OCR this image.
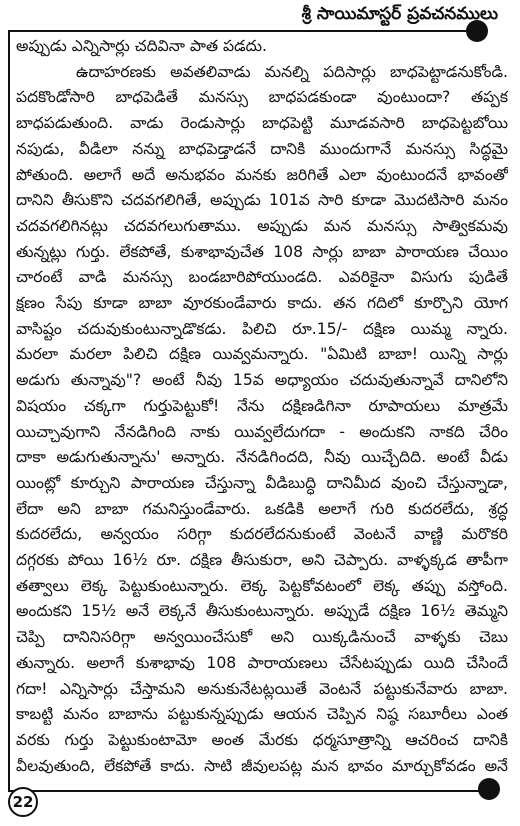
శ్రీ సాయిమాస్టర్ ప్రవచనములు
అప్పుడు ఎన్నిసార్లు చదివినా పాత పడదు.
ఉదాహరణకు అవతలివాడు మనల్ని పదిసార్లు బాధపెట్టాడనుకోండి.
పదకొండోసారి బాధపెడితే మనస్సు బాధపడకుండా వుంటుందా? తప్పక
బాధపడుతుంది. వాడు రెండుసార్లు బాధపెట్టి మూడవసారి బాధపెట్టబోయి
నపుడు, వీడిలా నన్ను బాధపెడ్తాడనే దానికి ముందుగానే మనస్సు సిద్ధమై
పోతుంది. అలాగే అదే అనుభవం మనకు జరిగితే ఎలా వుంటుందనే భావంతో
దానిని తీసుకొని చదవగలిగితే, అప్పుడు 101వ సారి కూడా మొదటిసారి మనం
చదవగలిగినట్లు చదవగలుగుతాము. అప్పుడు మన మనస్సు సాత్వికమవు
తున్నట్లు గుర్తు. లేకపోతే, కుశాభావుచేత 108 సార్లు బాబా పారాయణ చేయిం
చారంటే వాడి మనస్సు బండబారిపోయుండది. ఎవరికైనా విసుగు పుడితే
క్షణం సేపు కూడా బాబా వూరకుండేవారు కాదు. తన గదిలో కూర్చొని యోగ
వాసిష్టం చదువుకుంటున్నాడొకడు. పిలిచి రూ.15/- దక్షిణ యిమ్మ న్నారు.
మరలా మరలా పిలిచి దక్షిణ యివ్వమన్నారు. "ఏమిటి బాబా! యిన్ని సార్లు
అడుగు తున్నావు"? అంటే నీవు 15వ అధ్యాయం చదువుతున్నావే దానిలోని
విషయం చక్కగా గుర్తుపెట్టుకో! నేను దక్షిణడిగినా రూపాయలు మాత్రమే
యిచ్చావుగాని నేనడిగింది నాకు యివ్వలేదుగదా - అందుకని నాకది చేరిం
దాకా అడుగుతున్నాను' అన్నారు. నేనడిగిందది, నీవు యిచ్చేదిది. అంటే వీడు
యింట్లో కూర్చుని పారాయణ చేస్తున్నా వీడిబుద్ధి దానిమీద వుంచి చేస్తున్నాడా,
లేదా అని బాబా గమనిస్తుండేవారు. ఒకడికి అలాగే గురి కుదరలేదు, శ్రద్ధ
కుదరలేదు, అన్వయం సరిగ్గా కుదరలేదనుకుంటే వెంటనే వాణ్ణి మరొకరి
దగ్గరకు పోయి 16½ రూ. దక్షిణ తీసుకురా, అని చెప్పారు. వాళ్ళక్కడ తాపీగా
తత్వాలు లెక్క పెట్టుకుంటున్నారు. లెక్క పెట్టకోవటంలో లెక్క తప్పు వస్తోంది.
అందుకని 15½ అనే లెక్కనే తీసుకుంటున్నారు. అప్పుడే దక్షిణ 16½ తెమ్మని
చెప్పి దానినిసరిగ్గా అన్వయించేసుకో అని యిక్కడినుంచే వాళ్ళకు చెబు
తున్నారు. అలాగే కుశాభావు 108 పారాయణలు చేసేటప్పుడు యిది చేసిందే
గదా! ఎన్నిసార్లు చేస్తామని అనుకునేటట్లయితే వెంటనే పట్టుకునేవారు బాబా.
కాబట్టి మనం బాబాను పట్టుకున్నప్పుడు ఆయన చెప్పిన నిష్ఠ సబూరీలు ఎంత
వరకు గుర్తు పెట్టుకుంటామో అంత మేరకు ధర్మసూత్రాన్ని ఆచరించ దానికి
వీలవుతుంది, లేకపోతే కాదు. సాటి జీవులపట్ల మన భావం మార్చుకోవడం అనే
22
